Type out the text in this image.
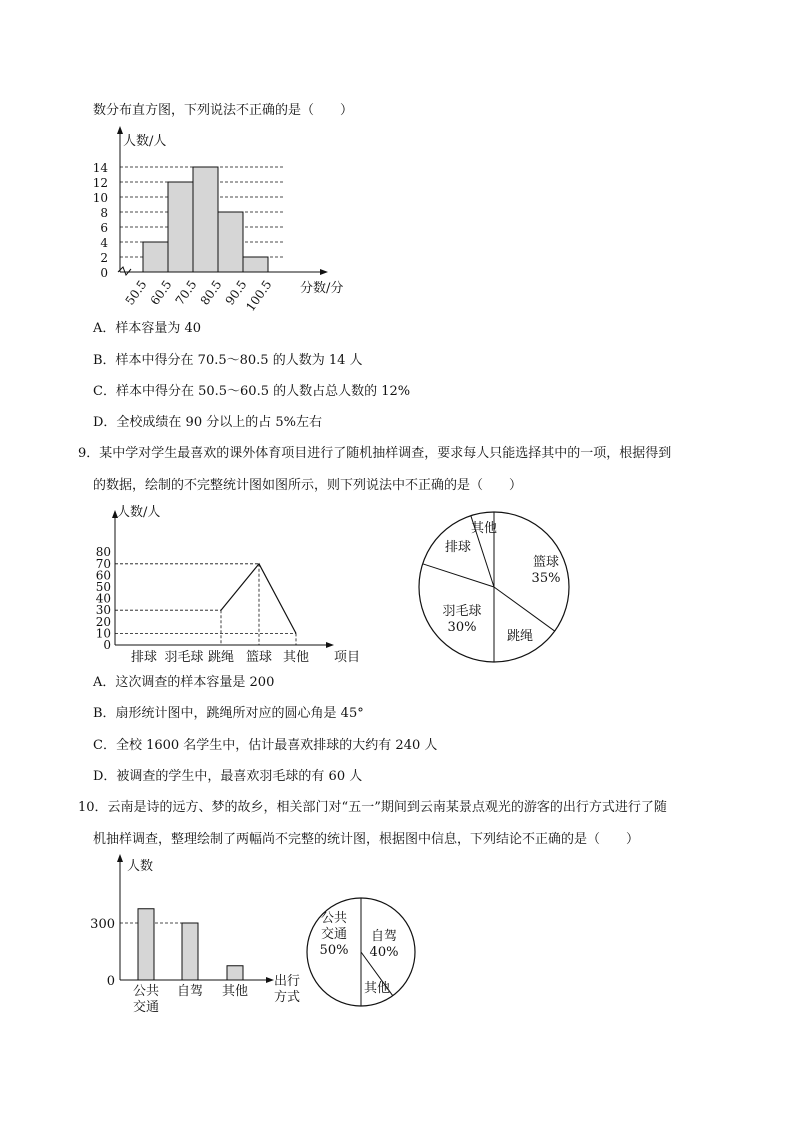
数分布直方图，下列说法不正确的是（　　）
0
2
4
6
8
10
12
14
50.5
60.5
70.5
80.5
90.5
100.5 分数/分
人数/人
A．样本容量为 40
B．样本中得分在 70.5～80.5 的人数为 14 人
C．样本中得分在 50.5～60.5 的人数占总人数的 12%
D．全校成绩在 90 分以上的占 5%左右
9．某中学对学生最喜欢的课外体育项目进行了随机抽样调查，要求每人只能选择其中的一项，根据得到
的数据，绘制的不完整统计图如图所示，则下列说法中不正确的是（　　）
0
10
20
30
40
50
60
70
80
排球 羽毛球 跳绳 篮球 其他 项目
人数/人
篮球
35%
跳绳
羽毛球
30%
排球
其他
A．这次调查的样本容量是 200
B．扇形统计图中，跳绳所对应的圆心角是 45°
C．全校 1600 名学生中，估计最喜欢排球的大约有 240 人
D．被调查的学生中，最喜欢羽毛球的有 60 人
10．云南是诗的远方、梦的故乡，相关部门对“五一”期间到云南某景点观光的游客的出行方式进行了随
机抽样调查，整理绘制了两幅尚不完整的统计图，根据图中信息，下列结论不正确的是（　　）
0
300
公共
交通
自驾 其他
出行
方式
人数
公共
交通
50%
自驾
40%
其他
